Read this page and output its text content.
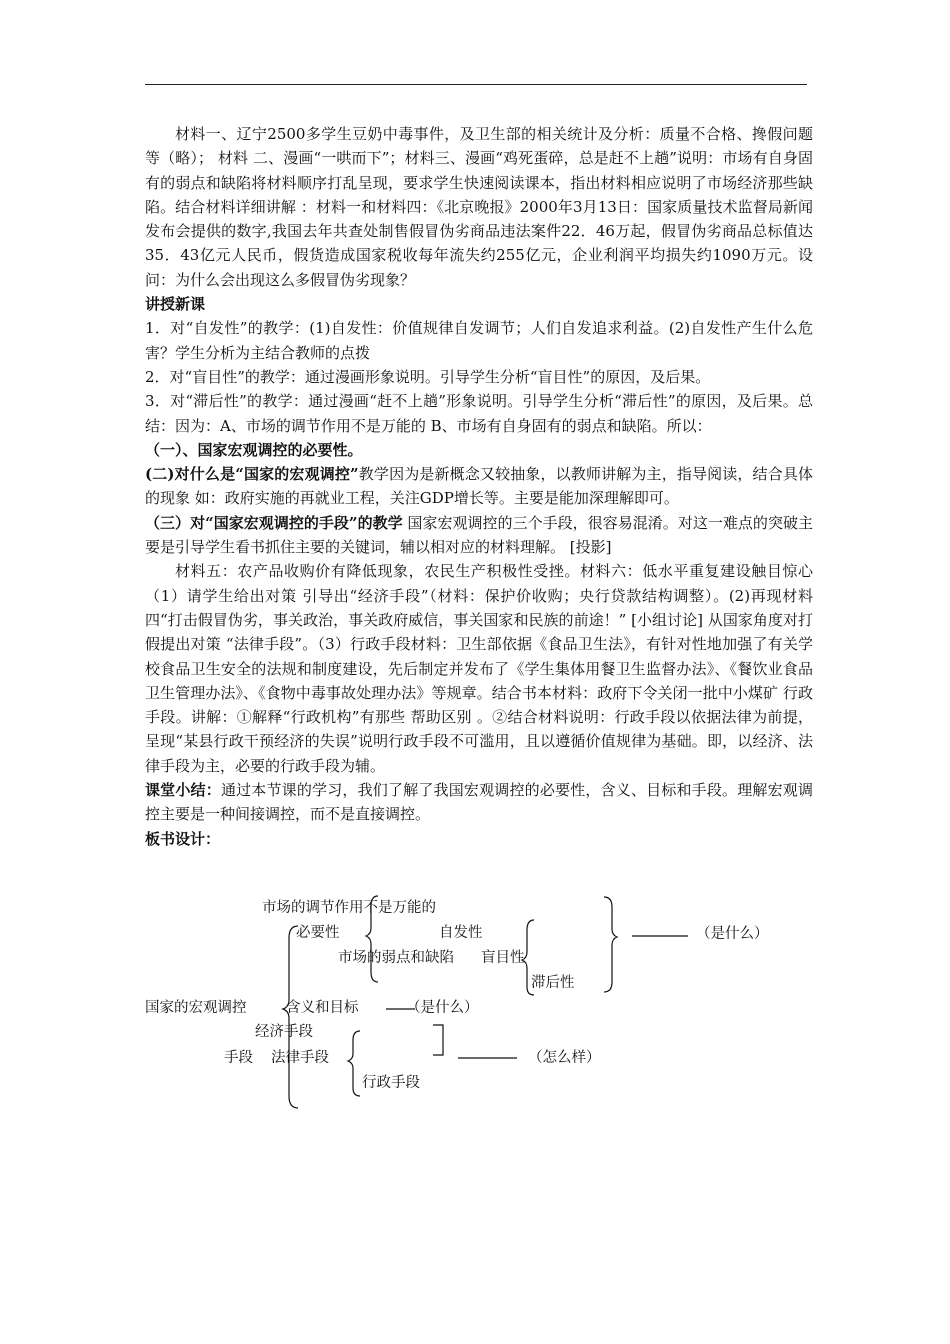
材料一、辽宁2500多学生豆奶中毒事件，及卫生部的相关统计及分析：质量不合格、搀假问题等（略）； 材料 二、漫画“一哄而下”；材料三、漫画“鸡死蛋碎，总是赶不上趟”说明：市场有自身固有的弱点和缺陷将材料顺序打乱呈现，要求学生快速阅读课本，指出材料相应说明了市场经济那些缺陷。结合材料详细讲解 ：材料一和材料四：《北京晚报》2000年3月13日：国家质量技术监督局新闻发布会提供的数字,我国去年共查处制售假冒伪劣商品违法案件22．46万起，假冒伪劣商品总标值达35．43亿元人民币，假货造成国家税收每年流失约255亿元，企业利润平均损失约1090万元。设问：为什么会出现这么多假冒伪劣现象？

讲授新课

1．对“自发性”的教学：(1)自发性：价值规律自发调节；人们自发追求利益。(2)自发性产生什么危害？学生分析为主结合教师的点拨

2．对“盲目性”的教学：通过漫画形象说明。引导学生分析“盲目性”的原因，及后果。

3．对“滞后性”的教学：通过漫画“赶不上趟”形象说明。引导学生分析“滞后性”的原因，及后果。总结：因为：A、市场的调节作用不是万能的 B、市场有自身固有的弱点和缺陷。所以：

（一）、国家宏观调控的必要性。

(二)对什么是“国家的宏观调控”教学因为是新概念又较抽象，以教师讲解为主，指导阅读，结合具体的现象 如：政府实施的再就业工程，关注GDP增长等。主要是能加深理解即可。

（三）对“国家宏观调控的手段”的教学 国家宏观调控的三个手段，很容易混淆。对这一难点的突破主要是引导学生看书抓住主要的关键词，辅以相对应的材料理解。 [投影]

材料五：农产品收购价有降低现象，农民生产积极性受挫。材料六：低水平重复建设触目惊心（1）请学生给出对策 引导出“经济手段”（材料：保护价收购；央行贷款结构调整）。(2)再现材料四“打击假冒伪劣，事关政治，事关政府威信，事关国家和民族的前途！” [小组讨论] 从国家角度对打假提出对策 “法律手段”。（3）行政手段材料：卫生部依据《食品卫生法》，有针对性地加强了有关学校食品卫生安全的法规和制度建设，先后制定并发布了《学生集体用餐卫生监督办法》、《餐饮业食品卫生管理办法》、《食物中毒事故处理办法》等规章。结合书本材料：政府下令关闭一批中小煤矿 行政手段。讲解：①解释“行政机构”有那些 帮助区别 。②结合材料说明：行政手段以依据法律为前提，呈现“某县行政干预经济的失误”说明行政手段不可滥用，且以遵循价值规律为基础。即，以经济、法律手段为主，必要的行政手段为辅。

课堂小结：通过本节课的学习，我们了解了我国宏观调控的必要性，含义、目标和手段。理解宏观调控主要是一种间接调控，而不是直接调控。

板书设计：

市场的调节作用不是万能的
必要性	自发性
市场的弱点和缺陷 盲目性
滞后性
（是什么）
国家的宏观调控	含义和目标	（是什么）
经济手段
手段 法律手段	（怎么样）
行政手段
